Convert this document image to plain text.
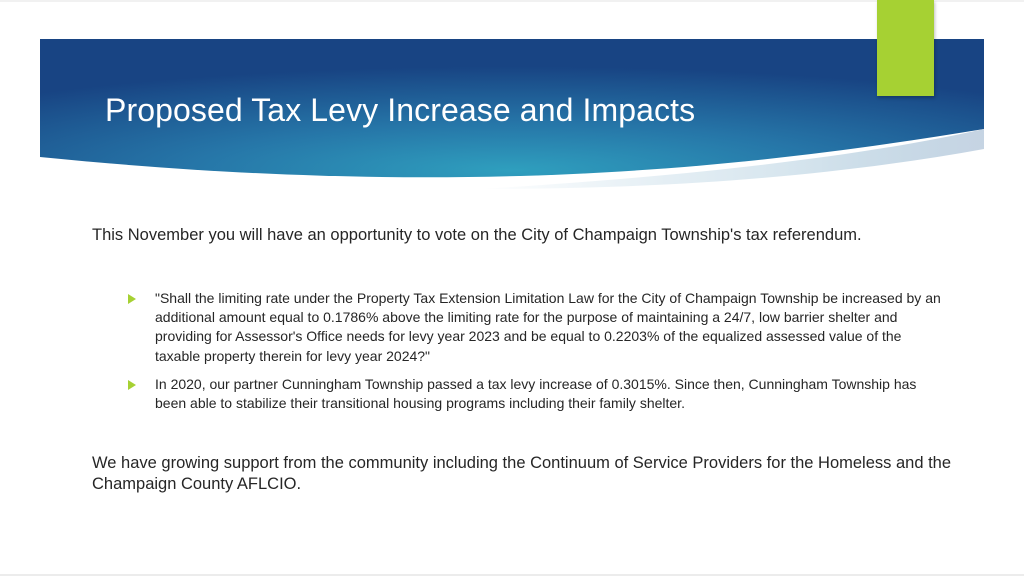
Proposed Tax Levy Increase and Impacts

This November you will have an opportunity to vote on the City of Champaign Township's tax referendum.

"Shall the limiting rate under the Property Tax Extension Limitation Law for the City of Champaign Township be increased by an additional amount equal to 0.1786% above the limiting rate for the purpose of maintaining a 24/7, low barrier shelter and providing for Assessor's Office needs for levy year 2023 and be equal to 0.2203% of the equalized assessed value of the taxable property therein for levy year 2024?"
In 2020, our partner Cunningham Township passed a tax levy increase of 0.3015%. Since then, Cunningham Township has been able to stabilize their transitional housing programs including their family shelter.

We have growing support from the community including the Continuum of Service Providers for the Homeless and the Champaign County AFLCIO.
